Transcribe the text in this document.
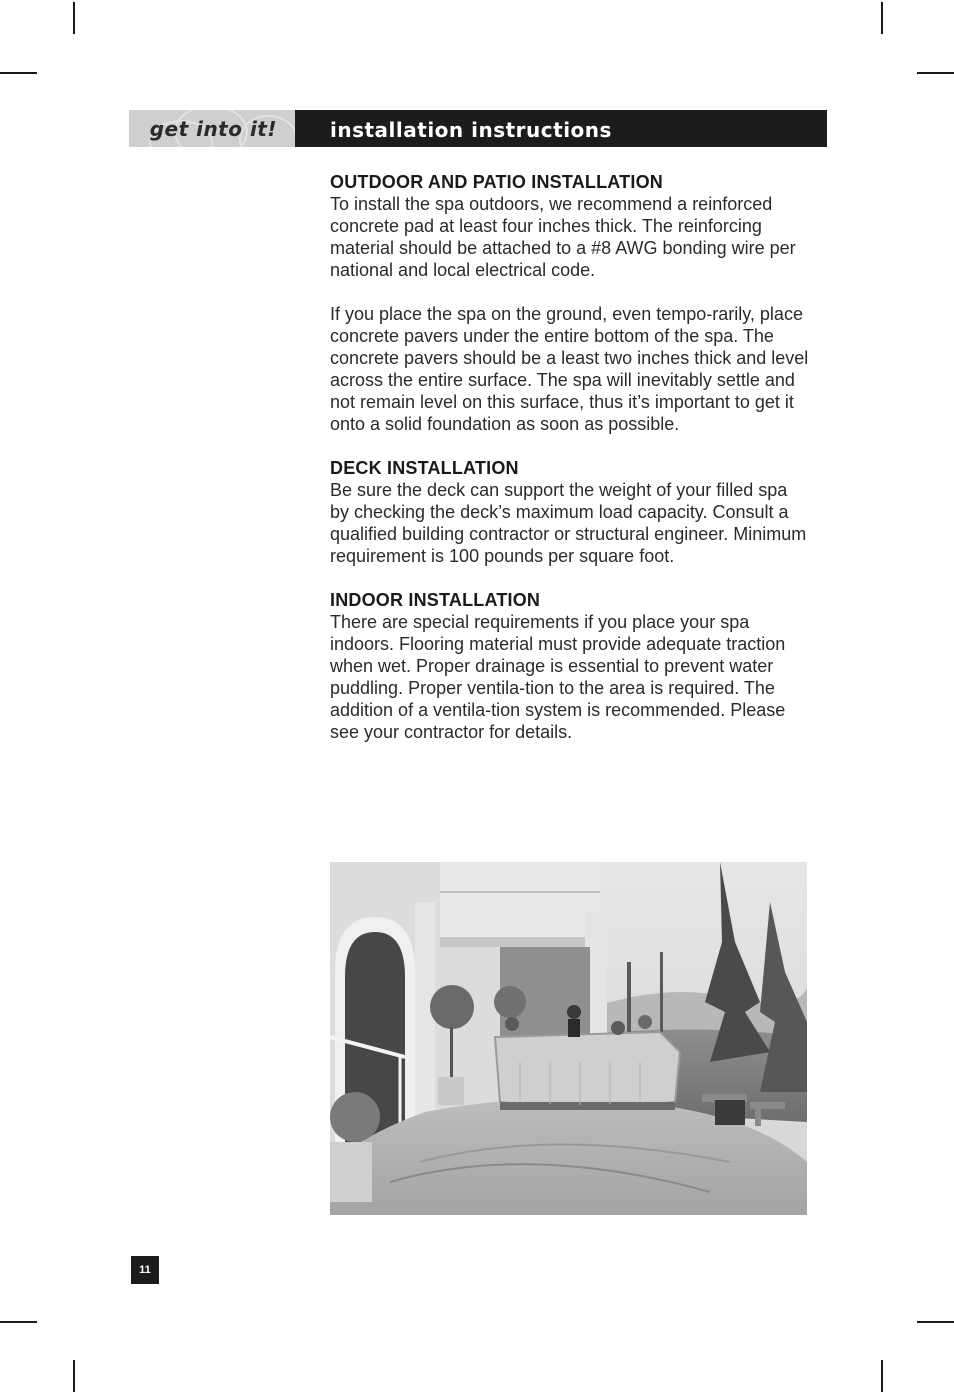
get into it!	installation instructions
OUTDOOR AND PATIO INSTALLATION

To install the spa outdoors, we recommend a reinforced concrete pad at least four inches thick. The reinforcing material should be attached to a #8 AWG bonding wire per national and local electrical code.

If you place the spa on the ground, even tempo-rarily, place concrete pavers under the entire bottom of the spa. The concrete pavers should be a least two inches thick and level across the entire surface. The spa will inevitably settle and not remain level on this surface, thus it’s important to get it onto a solid foundation as soon as possible.

DECK INSTALLATION

Be sure the deck can support the weight of your filled spa by checking the deck’s maximum load capacity. Consult a qualified building contractor or structural engineer. Minimum requirement is 100 pounds per square foot.

INDOOR INSTALLATION

There are special requirements if you place your spa indoors. Flooring material must provide adequate traction when wet. Proper drainage is essential to prevent water puddling. Proper ventila-tion to the area is required. The addition of a ventila-tion system is recommended. Please see your contractor for details.

11
